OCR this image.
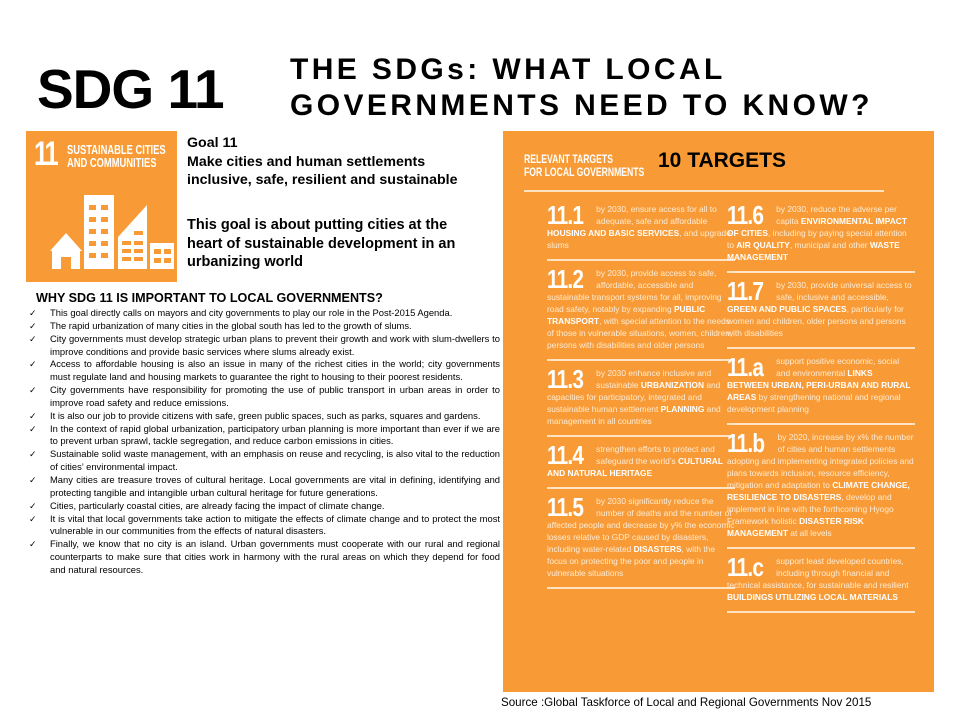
SDG 11 THE SDGs: WHAT LOCAL
GOVERNMENTS NEED TO KNOW?
11 SUSTAINABLE CITIES
AND COMMUNITIES
Goal 11
Make cities and human settlements inclusive, safe, resilient and sustainable
This goal is about putting cities at the heart of sustainable development in an urbanizing world
WHY SDG 11 IS IMPORTANT TO LOCAL GOVERNMENTS?
✓ This goal directly calls on mayors and city governments to play our role in the Post-2015 Agenda.
✓ The rapid urbanization of many cities in the global south has led to the growth of slums.
✓ City governments must develop strategic urban plans to prevent their growth and work with slum-dwellers to improve conditions and provide basic services where slums already exist.
✓ Access to affordable housing is also an issue in many of the richest cities in the world; city governments must regulate land and housing markets to guarantee the right to housing to their poorest residents.
✓ City governments have responsibility for promoting the use of public transport in urban areas in order to improve road safety and reduce emissions.
✓ It is also our job to provide citizens with safe, green public spaces, such as parks, squares and gardens.
✓ In the context of rapid global urbanization, participatory urban planning is more important than ever if we are to prevent urban sprawl, tackle segregation, and reduce carbon emissions in cities.
✓ Sustainable solid waste management, with an emphasis on reuse and recycling, is also vital to the reduction of cities’ environmental impact.
✓ Many cities are treasure troves of cultural heritage. Local governments are vital in defining, identifying and protecting tangible and intangible urban cultural heritage for future generations.
✓ Cities, particularly coastal cities, are already facing the impact of climate change.
✓ It is vital that local governments take action to mitigate the effects of climate change and to protect the most vulnerable in our communities from the effects of natural disasters.
✓ Finally, we know that no city is an island. Urban governments must cooperate with our rural and regional counterparts to make sure that cities work in harmony with the rural areas on which they depend for food and natural resources.
RELEVANT TARGETS
FOR LOCAL GOVERNMENTS 10 TARGETS
11.1	by 2030, ensure access for all to adequate, safe and affordable HOUSING AND BASIC SERVICES, and upgrade slums
11.2	by 2030, provide access to safe, affordable, accessible and sustainable transport systems for all, improving road safety, notably by expanding PUBLIC TRANSPORT, with special attention to the needs of those in vulnerable situations, women, children, persons with disabilities and older persons
11.3	by 2030 enhance inclusive and sustainable URBANIZATION and capacities for participatory, integrated and sustainable human settlement PLANNING and management in all countries
11.4	strengthen efforts to protect and safeguard the world’s CULTURAL AND NATURAL HERITAGE
11.5	by 2030 significantly reduce the number of deaths and the number of affected people and decrease by y% the economic losses relative to GDP caused by disasters, including water-related DISASTERS, with the focus on protecting the poor and people in vulnerable situations
11.6	by 2030, reduce the adverse per capita ENVIRONMENTAL IMPACT OF CITIES, including by paying special attention to AIR QUALITY, municipal and other WASTE MANAGEMENT
11.7	by 2030, provide universal access to safe, inclusive and accessible, GREEN AND PUBLIC SPACES, particularly for women and children, older persons and persons with disabilities
11.a	support positive economic, social and environmental LINKS BETWEEN URBAN, PERI-URBAN AND RURAL AREAS by strengthening national and regional development planning
11.b	by 2020, increase by x% the number of cities and human settlements adopting and implementing integrated policies and plans towards inclusion, resource efficiency, mitigation and adaptation to CLIMATE CHANGE, RESILIENCE TO DISASTERS, develop and implement in line with the forthcoming Hyogo Framework holistic DISASTER RISK MANAGEMENT at all levels
11.c	support least developed countries, including through financial and technical assistance, for sustainable and resilient BUILDINGS UTILIZING LOCAL MATERIALS
Source :Global Taskforce of Local and Regional Governments Nov 2015
